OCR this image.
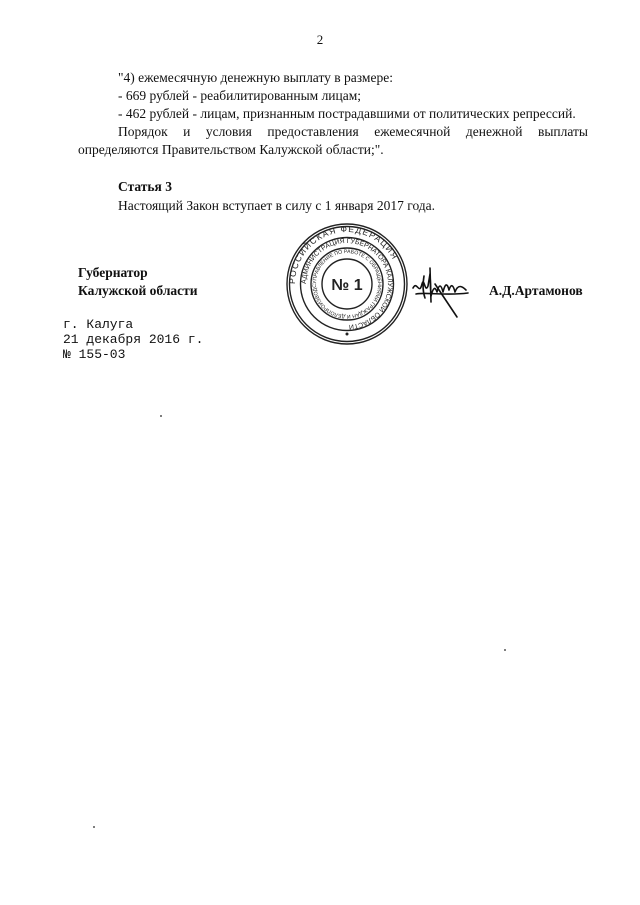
2
"4) ежемесячную денежную выплату в размере:
- 669 рублей - реабилитированным лицам;
- 462 рублей - лицам, признанным пострадавшими от политических репрессий.
Порядок и условия предоставления ежемесячной денежной выплаты
определяются Правительством Калужской области;".
Статья 3
Настоящий Закон вступает в силу с 1 января 2017 года.
Губернатор
Калужской области	А.Д.Артамонов
РОССИЙСКАЯ ФЕДЕРАЦИЯ
АДМИНИСТРАЦИЯ ГУБЕРНАТОРА КАЛУЖСКОЙ ОБЛАСТИ
УПРАВЛЕНИЕ ПО РАБОТЕ С ОБРАЩЕНИЯМИ ГРАЖДАН И ДЕЛОПРОИЗВОДС № 1
г. Калуга
21 декабря 2016 г.
№ 155-03
